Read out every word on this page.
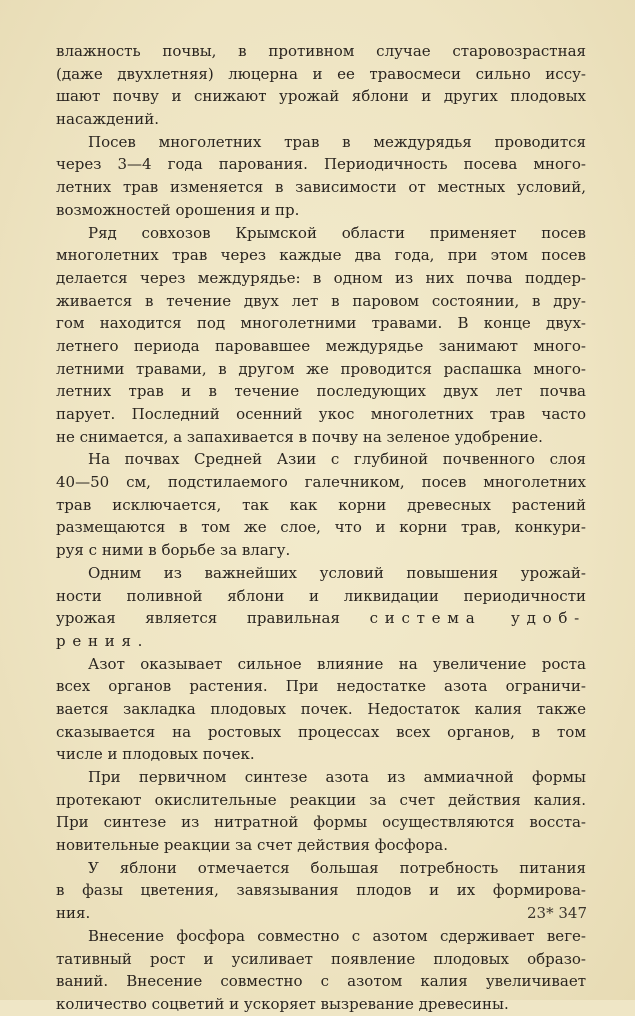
влажность почвы, в противном случае старовозрастная
(даже двухлетняя) люцерна и ее травосмеси сильно иссу-
шают почву и снижают урожай яблони и других плодовых
насаждений.
Посев многолетних трав в междурядья проводится
через 3—4 года парования. Периодичность посева много-
летних трав изменяется в зависимости от местных условий,
возможностей орошения и пр.
Ряд совхозов Крымской области применяет посев
многолетних трав через каждые два года, при этом посев
делается через междурядье: в одном из них почва поддер-
живается в течение двух лет в паровом состоянии, в дру-
гом находится под многолетними травами. В конце двух-
летнего периода паровавшее междурядье занимают много-
летними травами, в другом же проводится распашка много-
летних трав и в течение последующих двух лет почва
парует. Последний осенний укос многолетних трав часто
не снимается, а запахивается в почву на зеленое удобрение.
На почвах Средней Азии с глубиной почвенного слоя
40—50 см, подстилаемого галечником, посев многолетних
трав исключается, так как корни древесных растений
размещаются в том же слое, что и корни трав, конкури-
руя с ними в борьбе за влагу.
Одним из важнейших условий повышения урожай-
ности поливной яблони и ликвидации периодичности
урожая является правильная система удоб-
рения.
Азот оказывает сильное влияние на увеличение роста
всех органов растения. При недостатке азота ограничи-
вается закладка плодовых почек. Недостаток калия также
сказывается на ростовых процессах всех органов, в том
числе и плодовых почек.
При первичном синтезе азота из аммиачной формы
протекают окислительные реакции за счет действия калия.
При синтезе из нитратной формы осуществляются восста-
новительные реакции за счет действия фосфора.
У яблони отмечается большая потребность питания
в фазы цветения, завязывания плодов и их формирова-
ния.
Внесение фосфора совместно с азотом сдерживает веге-
тативный рост и усиливает появление плодовых образо-
ваний. Внесение совместно с азотом калия увеличивает
количество соцветий и ускоряет вызревание древесины.
23* 347
